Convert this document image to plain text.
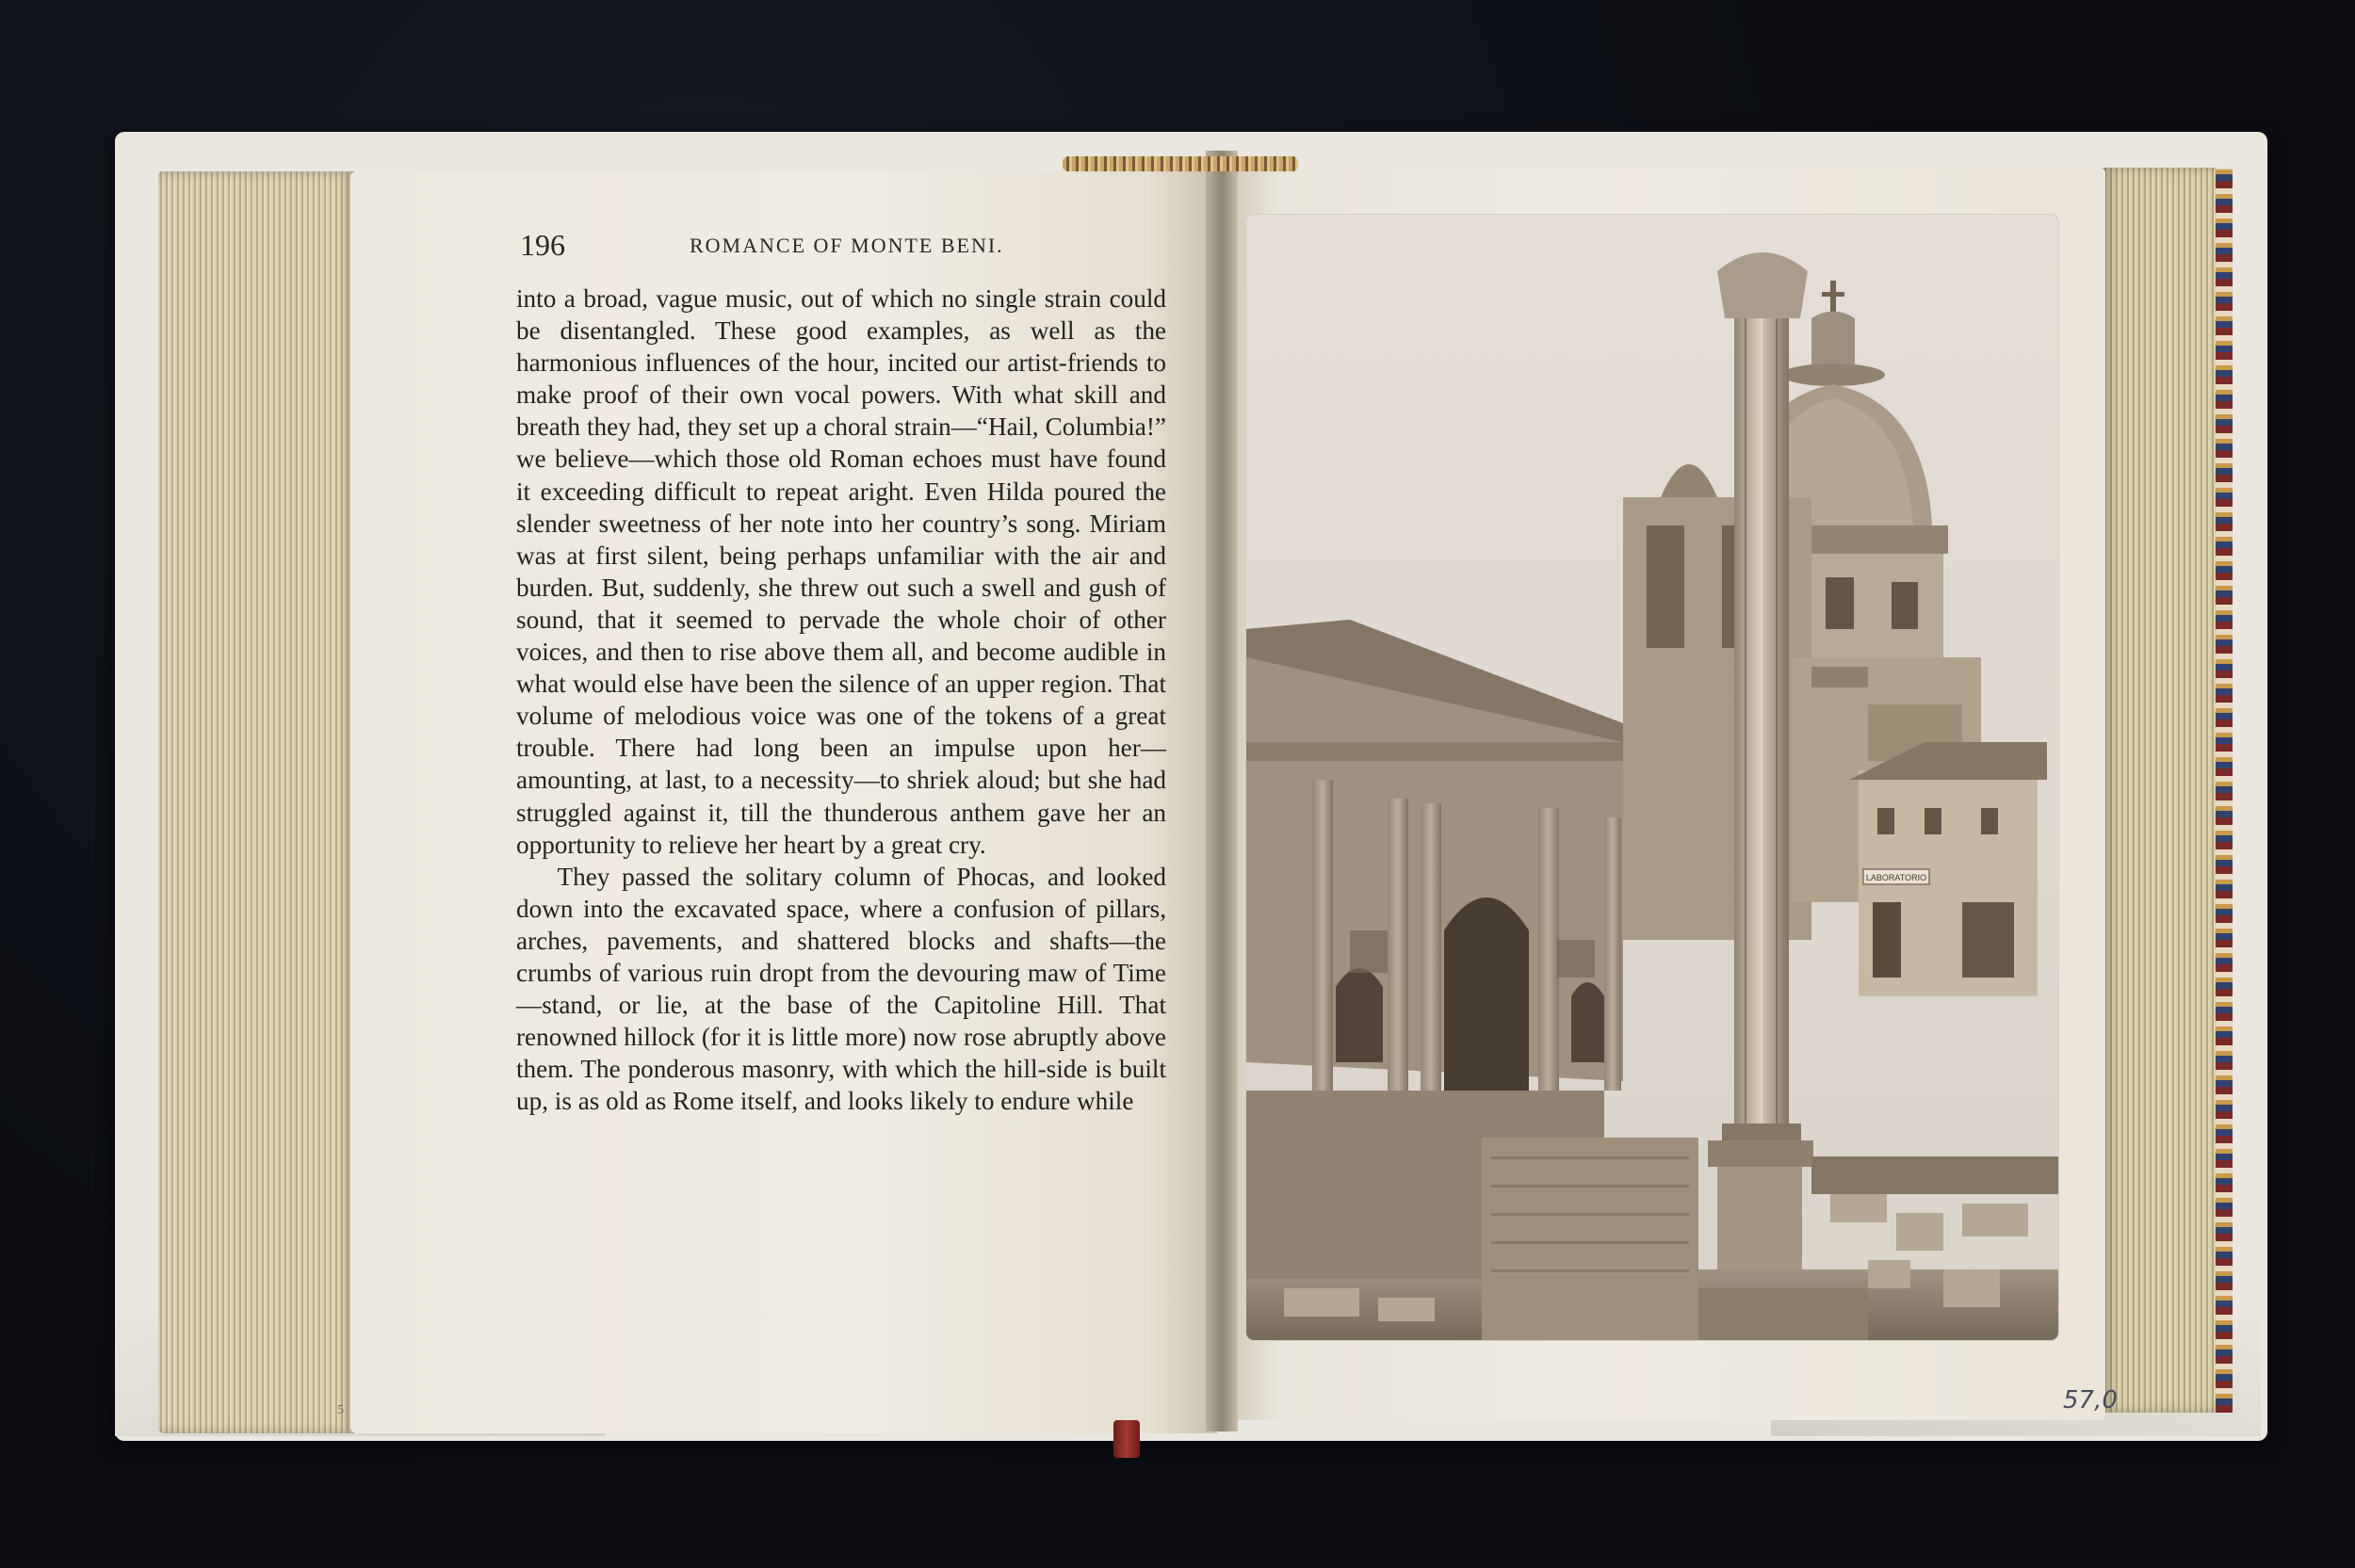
196	ROMANCE OF MONTE BENI.

into a broad, vague music, out of which no single strain could be disentangled. These good examples, as well as the harmonious influences of the hour, incited our artist-friends to make proof of their own vocal powers. With what skill and breath they had, they set up a choral strain—“Hail, Columbia!” we believe—which those old Roman echoes must have found it exceeding difficult to repeat aright. Even Hilda poured the slender sweetness of her note into her country’s song. Miriam was at first silent, being perhaps unfamiliar with the air and burden. But, suddenly, she threw out such a swell and gush of sound, that it seemed to pervade the whole choir of other voices, and then to rise above them all, and become audible in what would else have been the silence of an upper region. That volume of melodious voice was one of the tokens of a great trouble. There had long been an impulse upon her—amounting, at last, to a necessity—to shriek aloud; but she had struggled against it, till the thunderous anthem gave her an opportunity to relieve her heart by a great cry.

They passed the solitary column of Phocas, and looked down into the excavated space, where a confusion of pillars, arches, pavements, and shattered blocks and shafts—the crumbs of various ruin dropt from the devouring maw of Time—stand, or lie, at the base of the Capitoline Hill. That renowned hillock (for it is little more) now rose abruptly above them. The ponderous masonry, with which the hill-side is built up, is as old as Rome itself, and looks likely to endure while

5	57,0
LABORATORIO
